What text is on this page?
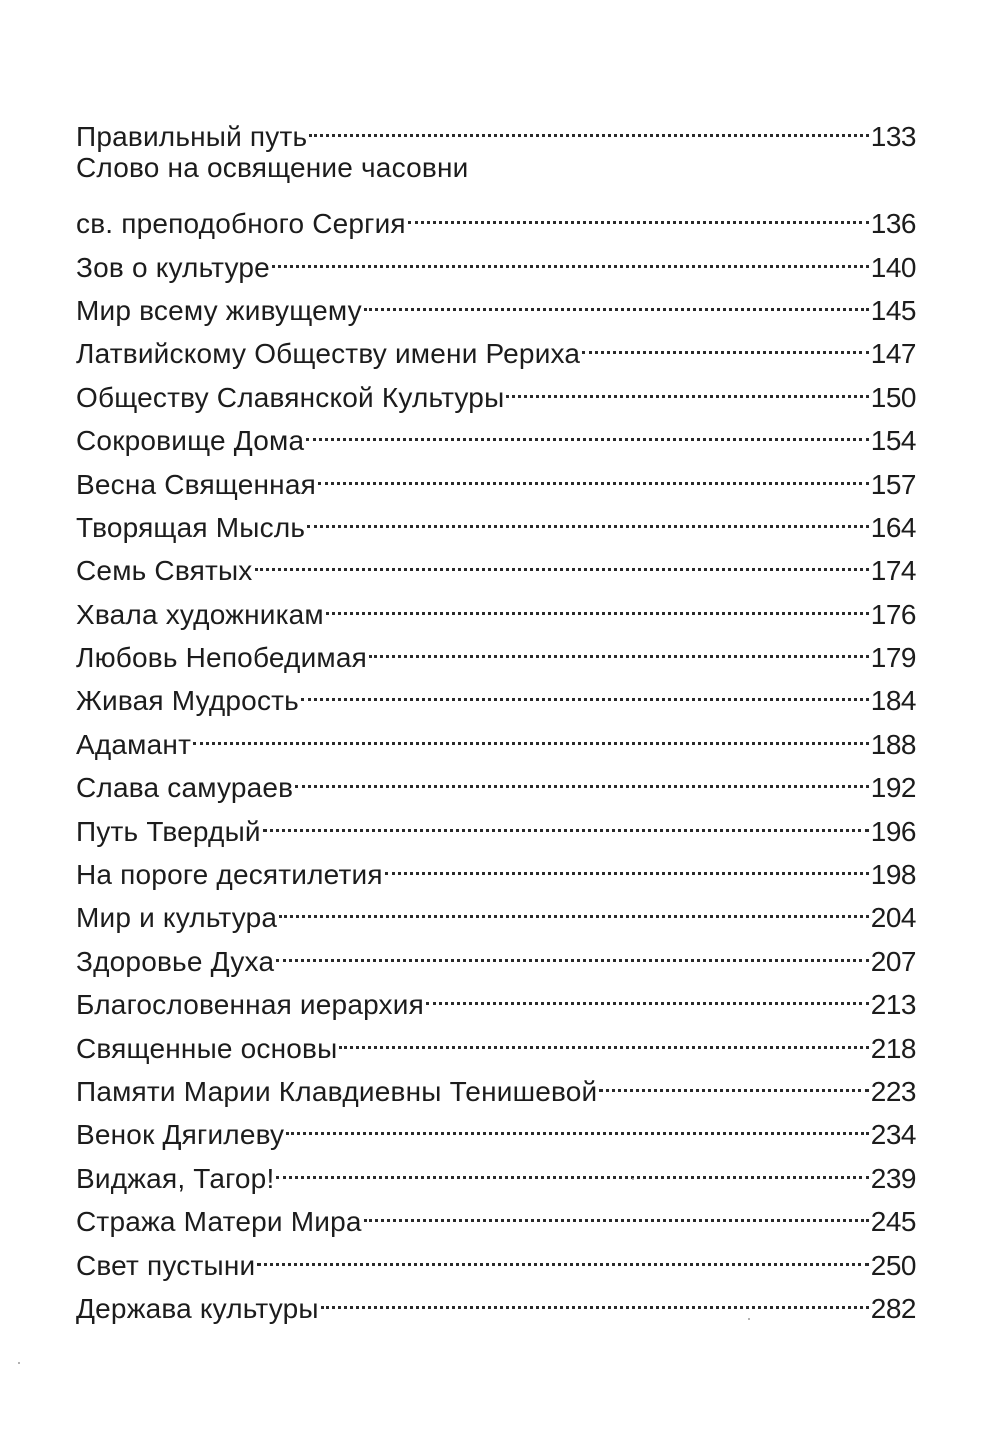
Правильный путь	133
Слово на освящение часовни
св. преподобного Сергия	136
Зов о культуре	140
Мир всему живущему	145
Латвийскому Обществу имени Рериха	147
Обществу Славянской Культуры	150
Сокровище Дома	154
Весна Священная	157
Творящая Мысль	164
Семь Святых	174
Хвала художникам	176
Любовь Непобедимая	179
Живая Мудрость	184
Адамант	188
Слава самураев	192
Путь Твердый	196
На пороге десятилетия	198
Мир и культура	204
Здоровье Духа	207
Благословенная иерархия	213
Священные основы	218
Памяти Марии Клавдиевны Тенишевой	223
Венок Дягилеву	234
Виджая, Тагор!	239
Стража Матери Мира	245
Свет пустыни	250
Держава культуры	282
